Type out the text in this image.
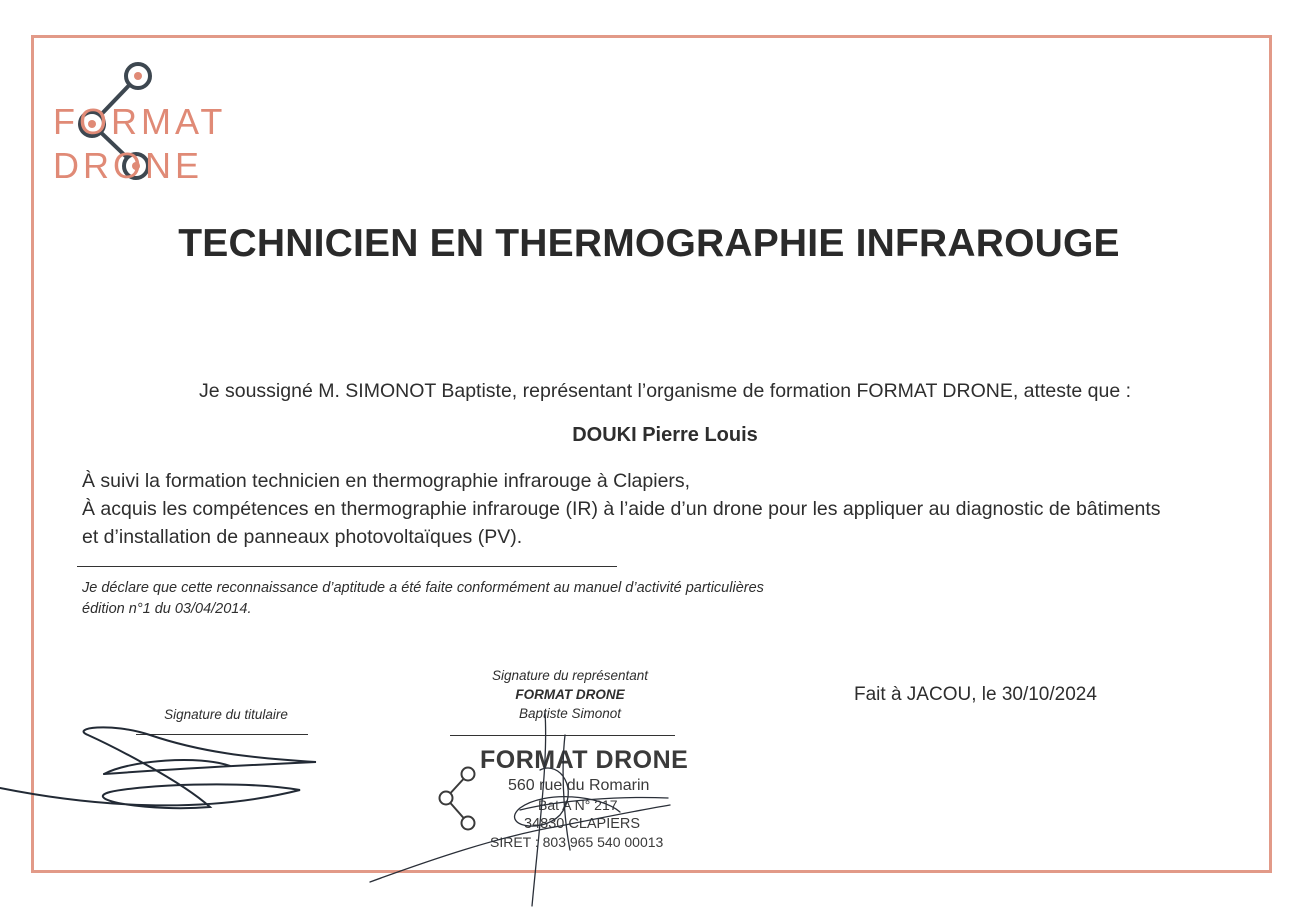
FORMAT
DRONE
TECHNICIEN EN THERMOGRAPHIE INFRAROUGE
Je soussigné M. SIMONOT Baptiste, représentant l’organisme de formation FORMAT DRONE, atteste que :
DOUKI Pierre Louis
À suivi la formation technicien en thermographie infrarouge à Clapiers,
À acquis les compétences en thermographie infrarouge (IR) à l’aide d’un drone pour les appliquer au diagnostic de bâtiments
et d’installation de panneaux photovoltaïques (PV).
Je déclare que cette reconnaissance d’aptitude a été faite conformément au manuel d’activité particulières
édition n°1 du 03/04/2014.
Signature du représentant
FORMAT DRONE
Baptiste Simonot
Signature du titulaire
Fait à JACOU, le 30/10/2024
FORMAT DRONE
560 rue du Romarin
Bat A N° 217
34830 CLAPIERS
SIRET : 803 965 540 00013
